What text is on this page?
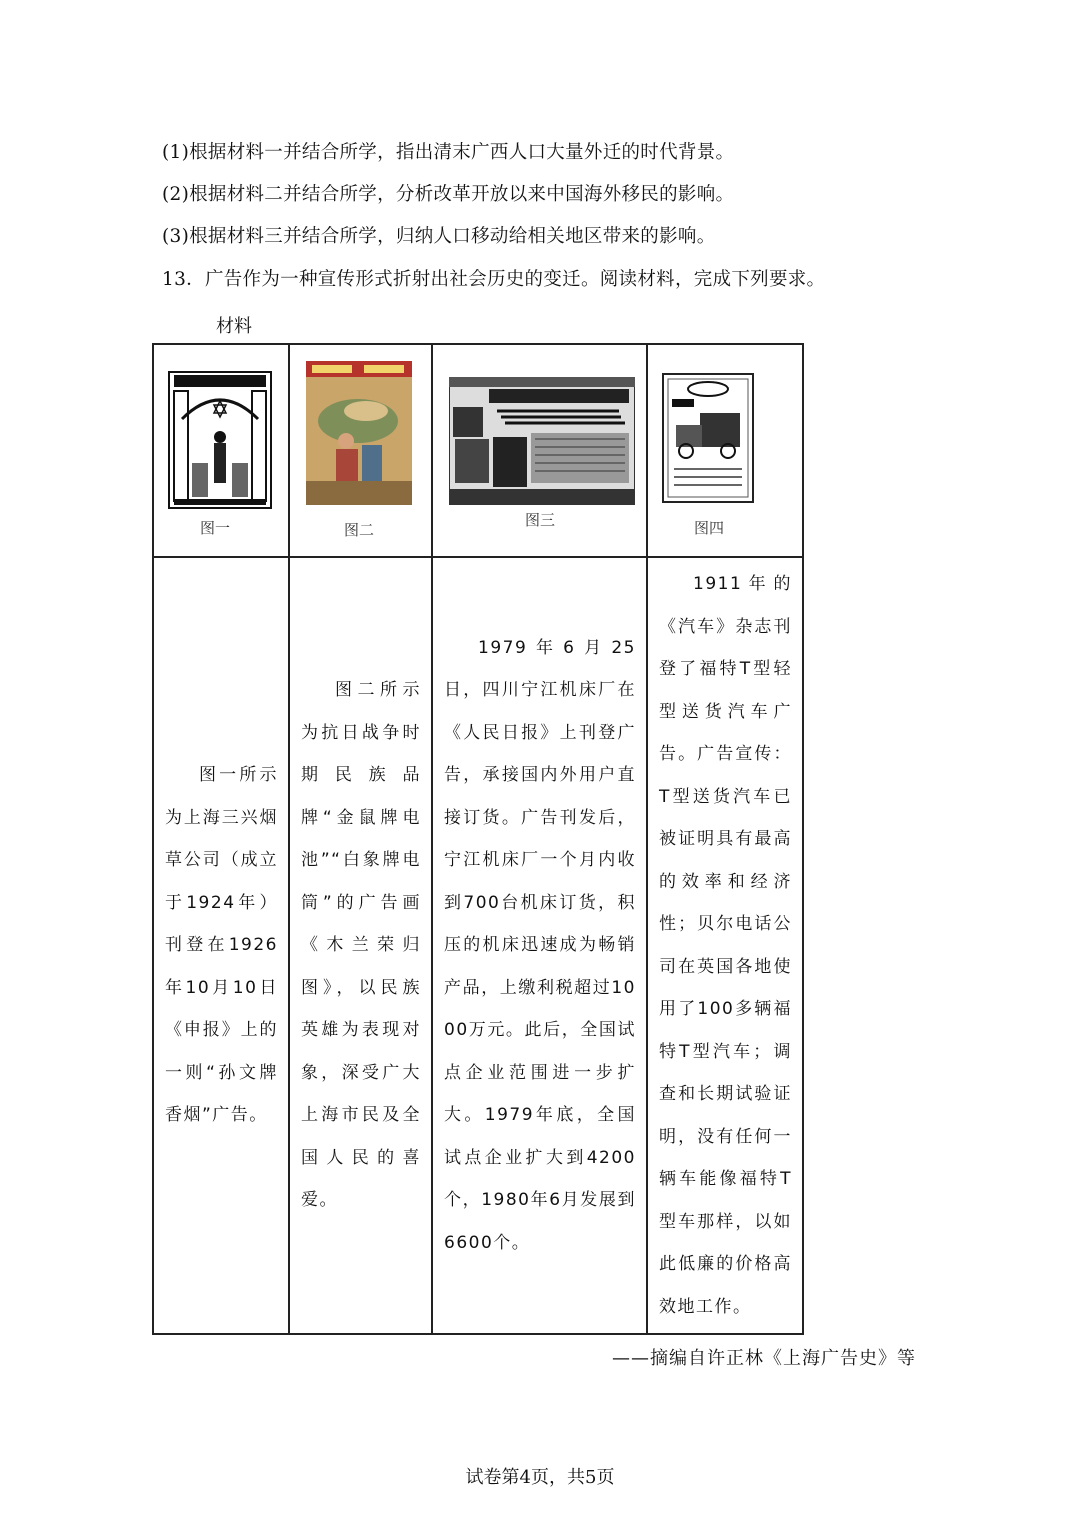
(1)根据材料一并结合所学，指出清末广西人口大量外迁的时代背景。
(2)根据材料二并结合所学，分析改革开放以来中国海外移民的影响。
(3)根据材料三并结合所学，归纳人口移动给相关地区带来的影响。
13．广告作为一种宣传形式折射出社会历史的变迁。阅读材料，完成下列要求。
材料
图一	图二	图三	图四

图一所示为上海三兴烟草公司（成立于1924年）刊登在1926年10月10日《申报》上的一则“孙文牌香烟”广告。	图二所示为抗日战争时期民族品牌“金鼠牌电池”“白象牌电筒”的广告画《木兰荣归图》，以民族英雄为表现对象，深受广大上海市民及全国人民的喜爱。	1979年6月25日，四川宁江机床厂在《人民日报》上刊登广告，承接国内外用户直接订货。广告刊发后，宁江机床厂一个月内收到700台机床订货，积压的机床迅速成为畅销产品，上缴利税超过1000万元。此后，全国试点企业范围进一步扩大。1979年底，全国试点企业扩大到4200个，1980年6月发展到6600个。	1911年的《汽车》杂志刊登了福特T型轻型送货汽车广告。广告宣传：T型送货汽车已被证明具有最高的效率和经济性；贝尔电话公司在英国各地使用了100多辆福特T型汽车；调查和长期试验证明，没有任何一辆车能像福特T型车那样，以如此低廉的价格高效地工作。
——摘编自许正林《上海广告史》等
试卷第4页，共5页
